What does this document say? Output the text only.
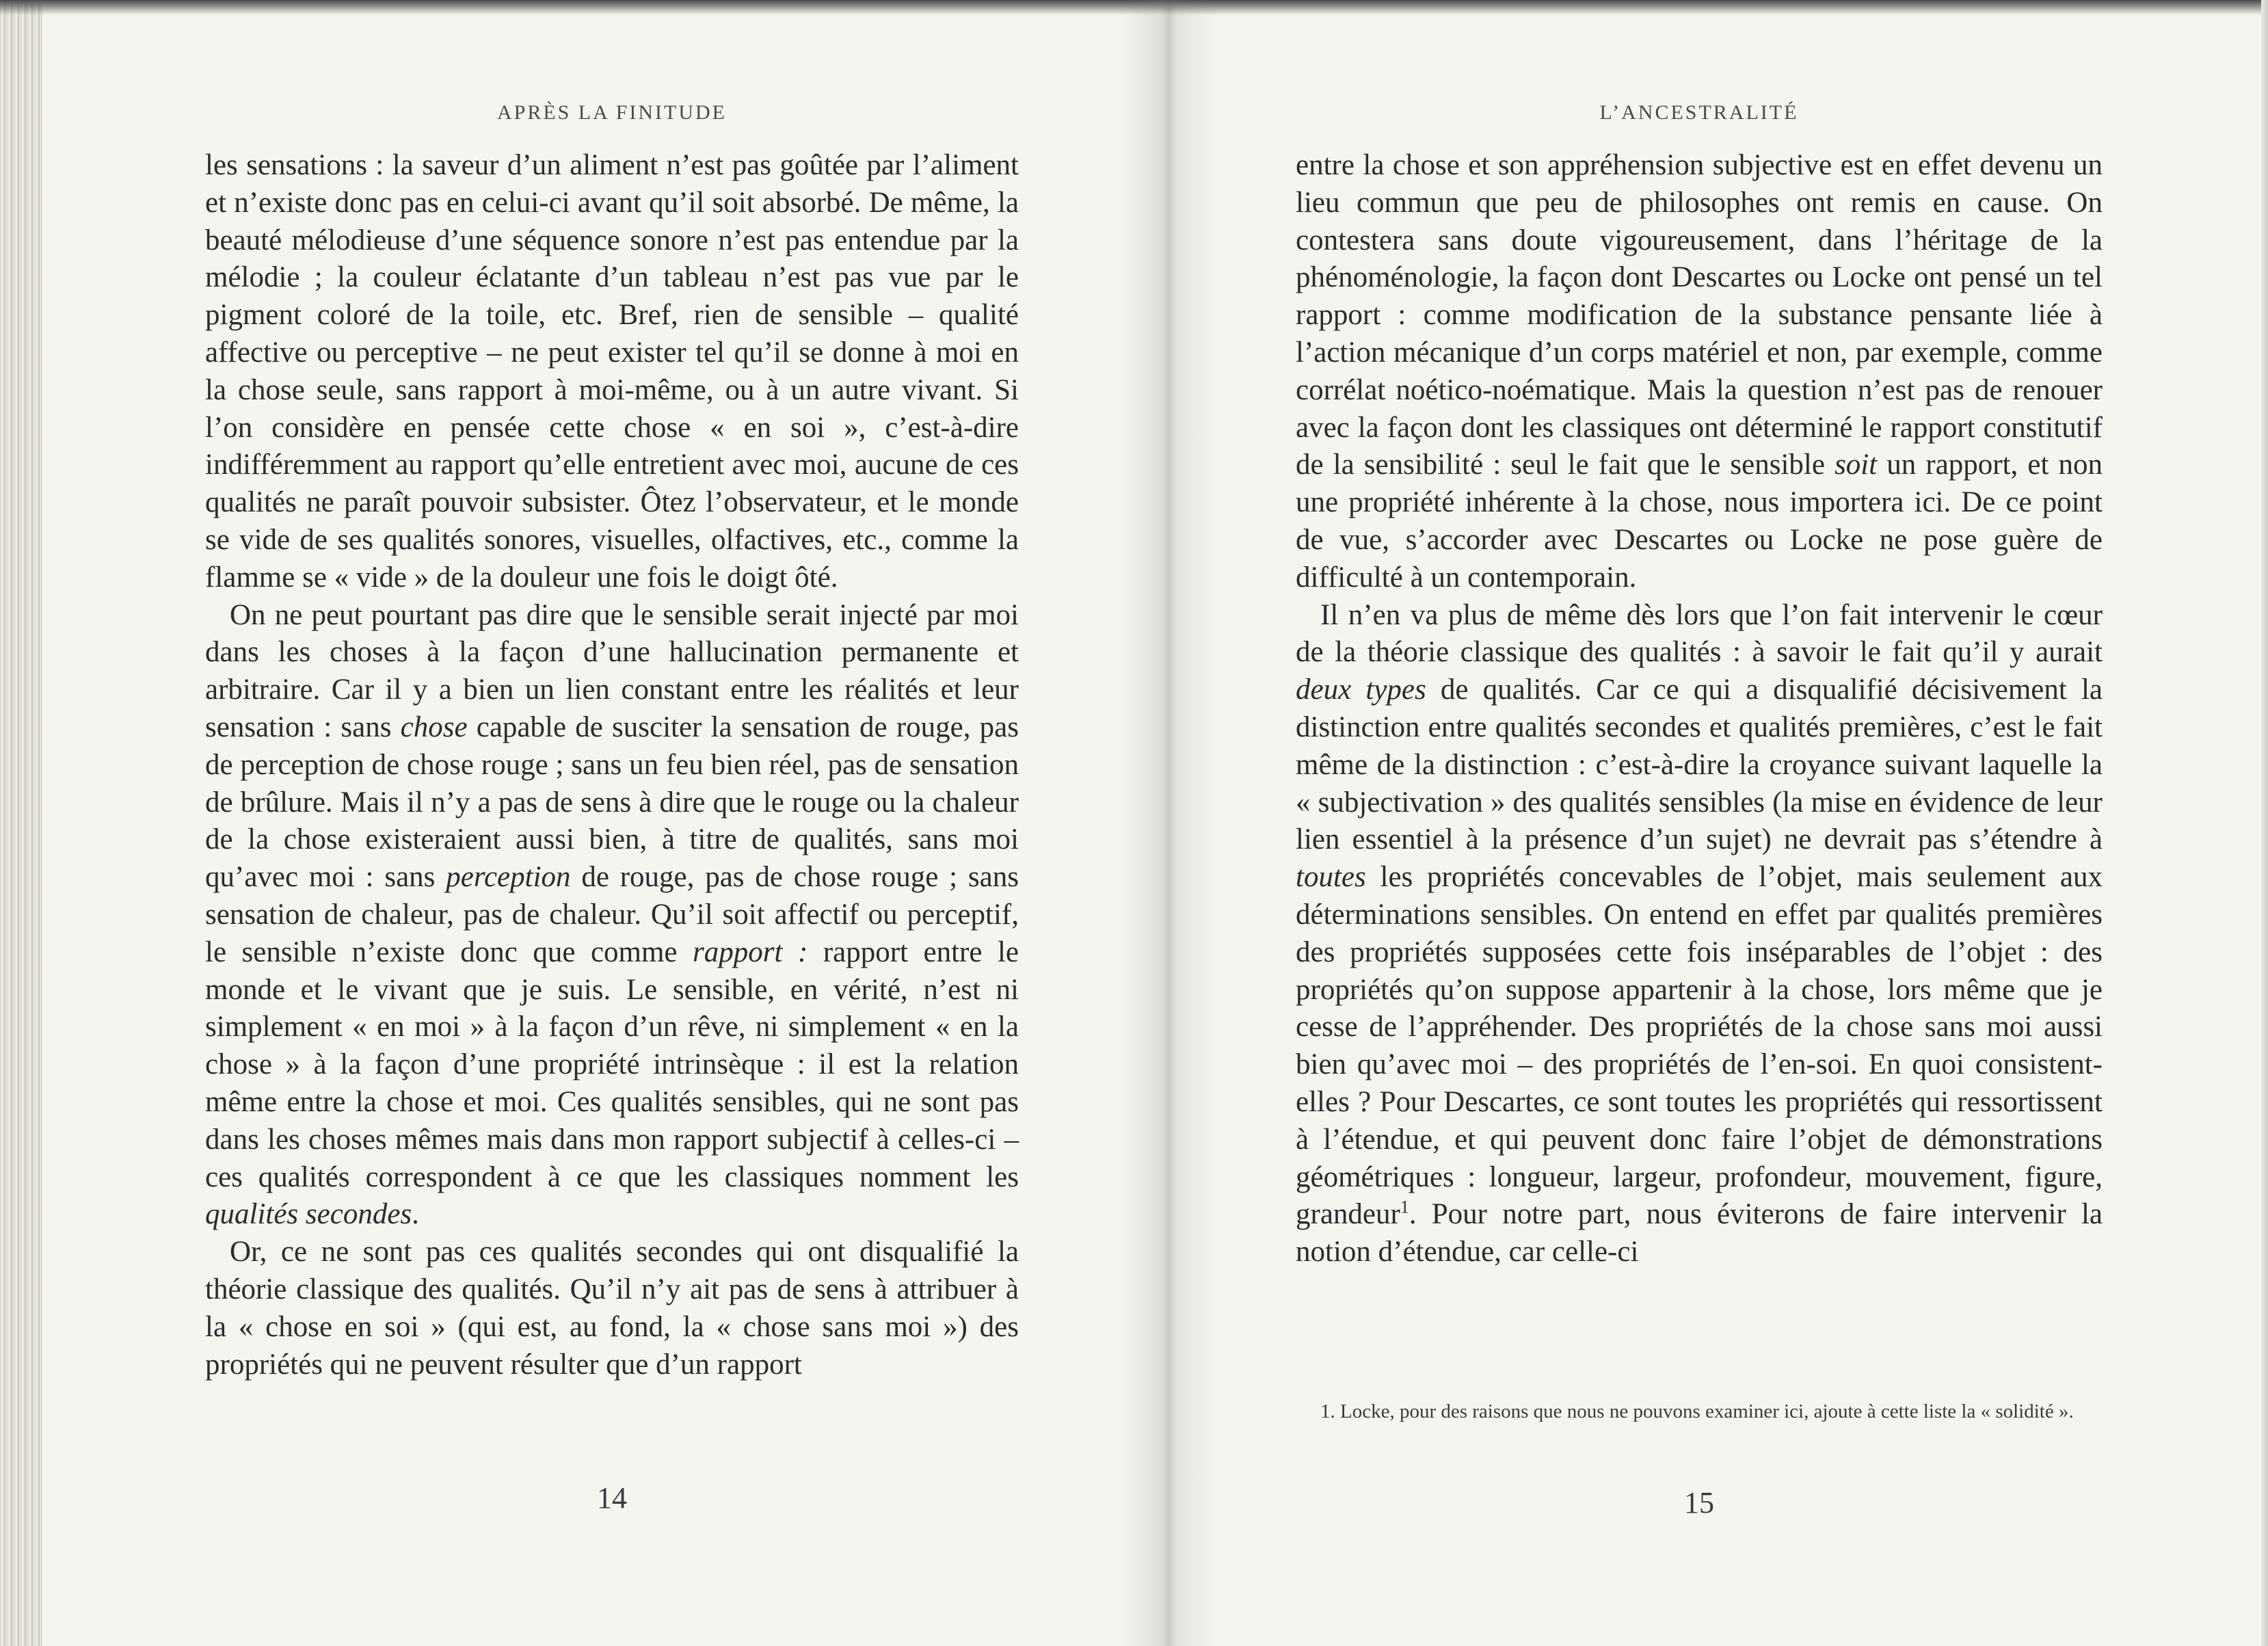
APRÈS LA FINITUDE

les sensations : la saveur d’un aliment n’est pas goûtée par l’aliment et n’existe donc pas en celui-ci avant qu’il soit absorbé. De même, la beauté mélodieuse d’une séquence sonore n’est pas entendue par la mélodie ; la couleur éclatante d’un tableau n’est pas vue par le pigment coloré de la toile, etc. Bref, rien de sensible – qualité affective ou perceptive – ne peut exister tel qu’il se donne à moi en la chose seule, sans rapport à moi-même, ou à un autre vivant. Si l’on considère en pensée cette chose « en soi », c’est-à-dire indifféremment au rapport qu’elle entretient avec moi, aucune de ces qualités ne paraît pouvoir subsister. Ôtez l’observateur, et le monde se vide de ses qualités sonores, visuelles, olfactives, etc., comme la flamme se « vide » de la douleur une fois le doigt ôté.

On ne peut pourtant pas dire que le sensible serait injecté par moi dans les choses à la façon d’une hallucination permanente et arbitraire. Car il y a bien un lien constant entre les réalités et leur sensation : sans chose capable de susciter la sensation de rouge, pas de perception de chose rouge ; sans un feu bien réel, pas de sensation de brûlure. Mais il n’y a pas de sens à dire que le rouge ou la chaleur de la chose existeraient aussi bien, à titre de qualités, sans moi qu’avec moi : sans perception de rouge, pas de chose rouge ; sans sensation de chaleur, pas de chaleur. Qu’il soit affectif ou perceptif, le sensible n’existe donc que comme rapport : rapport entre le monde et le vivant que je suis. Le sensible, en vérité, n’est ni simplement « en moi » à la façon d’un rêve, ni simplement « en la chose » à la façon d’une propriété intrinsèque : il est la relation même entre la chose et moi. Ces qualités sensibles, qui ne sont pas dans les choses mêmes mais dans mon rapport subjectif à celles-ci – ces qualités correspondent à ce que les classiques nomment les qualités secondes.

Or, ce ne sont pas ces qualités secondes qui ont disqualifié la théorie classique des qualités. Qu’il n’y ait pas de sens à attribuer à la « chose en soi » (qui est, au fond, la « chose sans moi ») des propriétés qui ne peuvent résulter que d’un rapport

14
L’ANCESTRALITÉ

entre la chose et son appréhension subjective est en effet devenu un lieu commun que peu de philosophes ont remis en cause. On contestera sans doute vigoureusement, dans l’héritage de la phénoménologie, la façon dont Descartes ou Locke ont pensé un tel rapport : comme modification de la substance pensante liée à l’action mécanique d’un corps matériel et non, par exemple, comme corrélat noético-noématique. Mais la question n’est pas de renouer avec la façon dont les classiques ont déterminé le rapport constitutif de la sensibilité : seul le fait que le sensible soit un rapport, et non une propriété inhérente à la chose, nous importera ici. De ce point de vue, s’accorder avec Descartes ou Locke ne pose guère de difficulté à un contemporain.

Il n’en va plus de même dès lors que l’on fait intervenir le cœur de la théorie classique des qualités : à savoir le fait qu’il y aurait deux types de qualités. Car ce qui a disqualifié décisivement la distinction entre qualités secondes et qualités premières, c’est le fait même de la distinction : c’est-à-dire la croyance suivant laquelle la « subjectivation » des qualités sensibles (la mise en évidence de leur lien essentiel à la présence d’un sujet) ne devrait pas s’étendre à toutes les propriétés concevables de l’objet, mais seulement aux déterminations sensibles. On entend en effet par qualités premières des propriétés supposées cette fois inséparables de l’objet : des propriétés qu’on suppose appartenir à la chose, lors même que je cesse de l’appréhender. Des propriétés de la chose sans moi aussi bien qu’avec moi – des propriétés de l’en-soi. En quoi consistent-elles ? Pour Descartes, ce sont toutes les propriétés qui ressortissent à l’étendue, et qui peuvent donc faire l’objet de démonstrations géométriques : longueur, largeur, profondeur, mouvement, figure, grandeur$^1$. Pour notre part, nous éviterons de faire intervenir la notion d’étendue, car celle-ci

1. Locke, pour des raisons que nous ne pouvons examiner ici, ajoute à cette liste la « solidité ».

15
